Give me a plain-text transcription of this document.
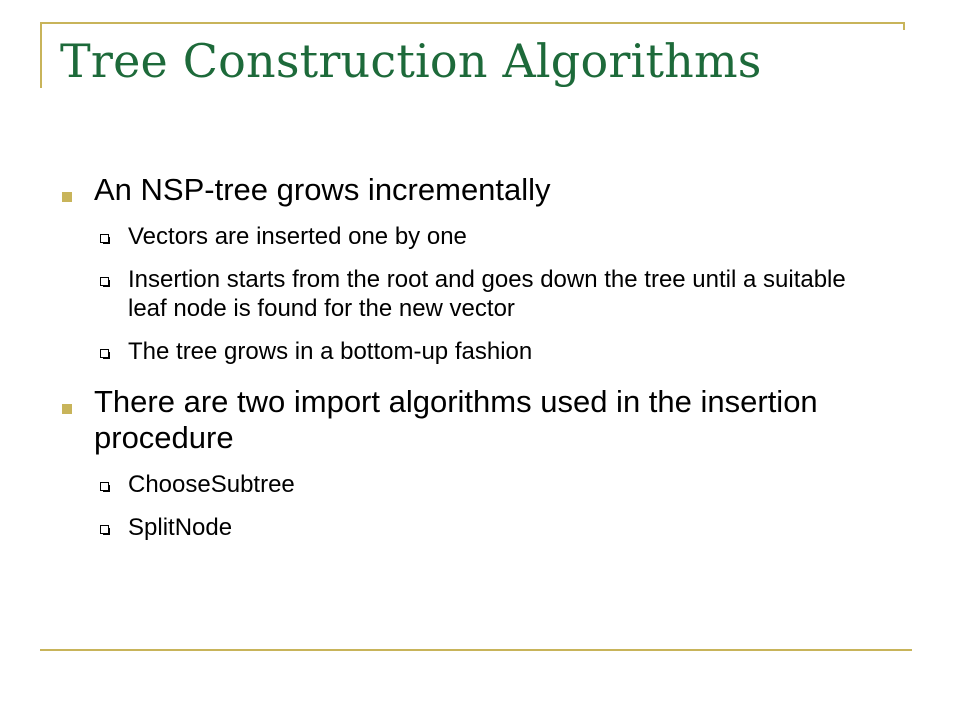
Tree Construction Algorithms
An NSP-tree grows incrementally
Vectors are inserted one by one
Insertion starts from the root and goes down the tree until a suitable leaf node is found for the new vector
The tree grows in a bottom-up fashion
There are two import algorithms used in the insertion procedure
ChooseSubtree
SplitNode
